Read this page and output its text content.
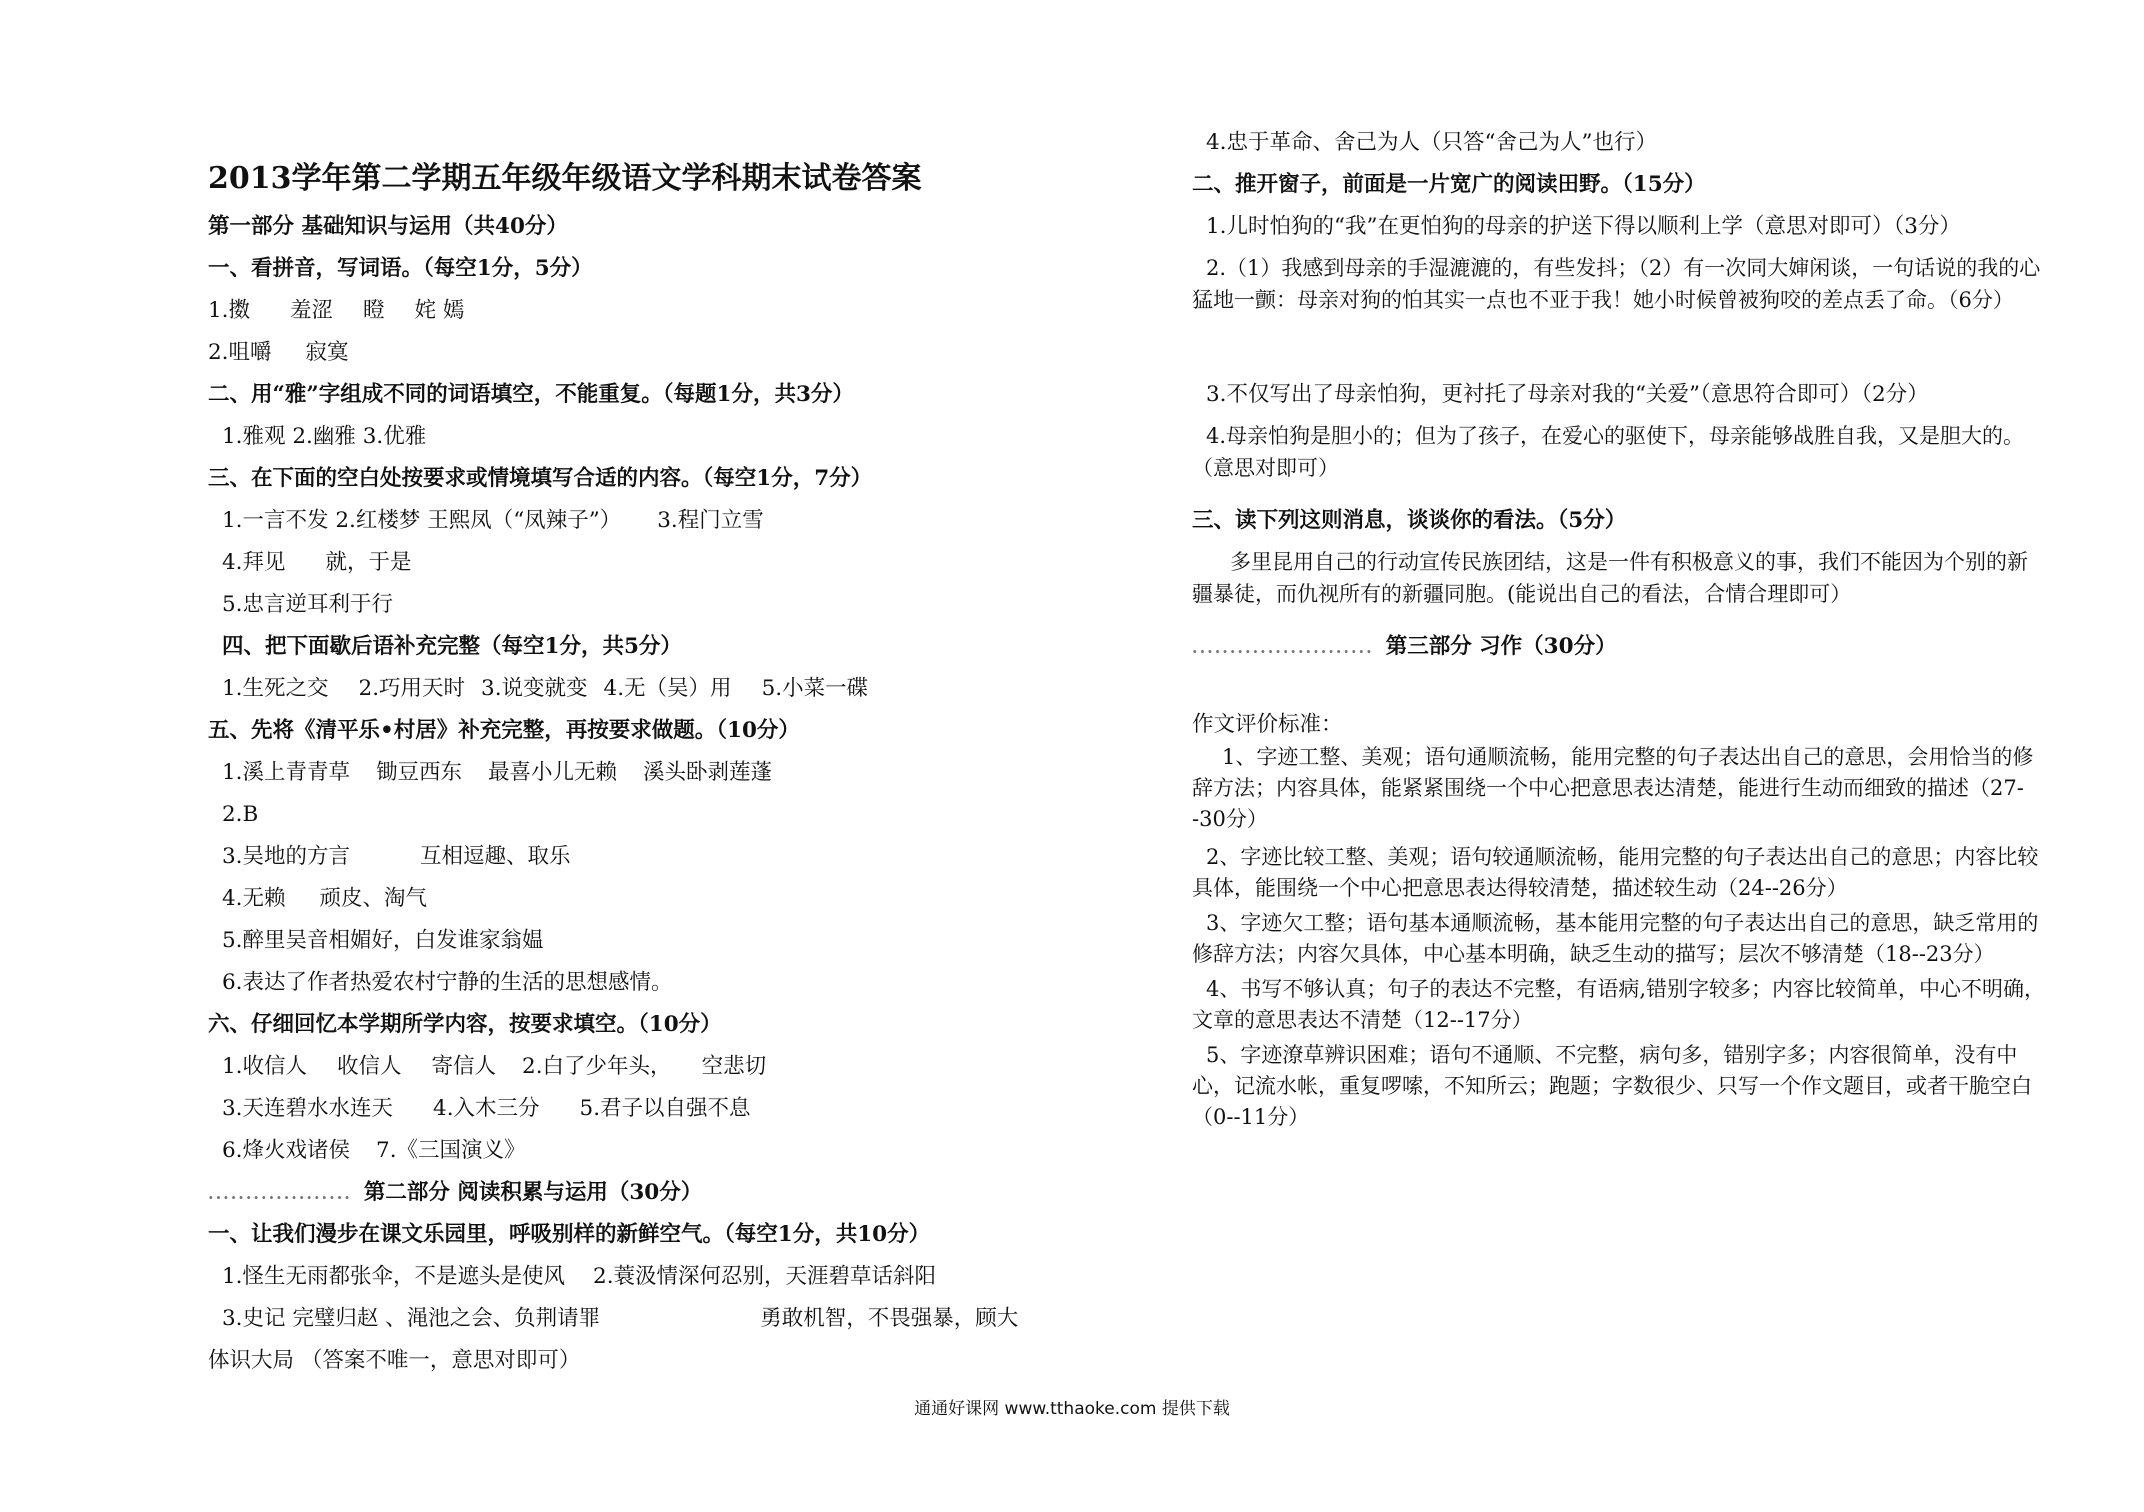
2013学年第二学期五年级年级语文学科期末试卷答案
第一部分 基础知识与运用（共40分）
一、看拼音，写词语。（每空1分，5分）
1.擞 羞涩 瞪 姹 嫣
2.咀嚼 寂寞
二、用“雅”字组成不同的词语填空，不能重复。（每题1分，共3分）
1.雅观 2.幽雅 3.优雅
三、在下面的空白处按要求或情境填写合适的内容。（每空1分，7分）
1.一言不发 2.红楼梦 王熙凤（“凤辣子”） 3.程门立雪
4.拜见 就，于是
5.忠言逆耳利于行
四、把下面歇后语补充完整（每空1分，共5分）
1.生死之交 2.巧用天时 3.说变就变 4.无（吴）用 5.小菜一碟
五、先将《清平乐•村居》补充完整，再按要求做题。（10分）
1.溪上青青草 锄豆西东 最喜小儿无赖 溪头卧剥莲蓬
2.B
3.吴地的方言	互相逗趣、取乐
4.无赖 顽皮、淘气
5.醉里吴音相媚好，白发谁家翁媪
6.表达了作者热爱农村宁静的生活的思想感情。
六、仔细回忆本学期所学内容，按要求填空。（10分）
1.收信人 收信人 寄信人 2.白了少年头， 空悲切
3.天连碧水水连天 4.入木三分 5.君子以自强不息
6.烽火戏诸侯 7.《三国演义》
................... 第二部分 阅读积累与运用（30分）
一、让我们漫步在课文乐园里，呼吸别样的新鲜空气。（每空1分，共10分）
1.怪生无雨都张伞，不是遮头是使风 2.蓑汲情深何忍别，天涯碧草话斜阳
3.史记 完璧归赵 、渑池之会、负荆请罪	勇敢机智，不畏强暴，顾大
体识大局 （答案不唯一，意思对即可）
4.忠于革命、舍己为人（只答“舍己为人”也行）
二、推开窗子，前面是一片宽广的阅读田野。（15分）
1.儿时怕狗的“我”在更怕狗的母亲的护送下得以顺利上学（意思对即可）（3分）
2.（1）我感到母亲的手湿漉漉的，有些发抖；（2）有一次同大婶闲谈，一句话说的我的心猛地一颤：母亲对狗的怕其实一点也不亚于我！她小时候曾被狗咬的差点丢了命。（6分）
3.不仅写出了母亲怕狗，更衬托了母亲对我的“关爱”（意思符合即可）（2分）
4.母亲怕狗是胆小的；但为了孩子，在爱心的驱使下，母亲能够战胜自我，又是胆大的。（意思对即可）
三、读下列这则消息，谈谈你的看法。（5分）
多里昆用自己的行动宣传民族团结，这是一件有积极意义的事，我们不能因为个别的新疆暴徒，而仇视所有的新疆同胞。(能说出自己的看法，合情合理即可）
........................ 第三部分 习作（30分）
作文评价标准：
1、字迹工整、美观；语句通顺流畅，能用完整的句子表达出自己的意思，会用恰当的修辞方法；内容具体，能紧紧围绕一个中心把意思表达清楚，能进行生动而细致的描述（27--30分）
2、字迹比较工整、美观；语句较通顺流畅，能用完整的句子表达出自己的意思；内容比较具体，能围绕一个中心把意思表达得较清楚，描述较生动（24--26分）
3、字迹欠工整；语句基本通顺流畅，基本能用完整的句子表达出自己的意思，缺乏常用的修辞方法；内容欠具体，中心基本明确，缺乏生动的描写；层次不够清楚（18--23分）
4、书写不够认真；句子的表达不完整，有语病,错别字较多；内容比较简单，中心不明确，文章的意思表达不清楚（12--17分）
5、字迹潦草辨识困难；语句不通顺、不完整，病句多，错别字多；内容很简单，没有中心，记流水帐，重复啰嗦，不知所云；跑题；字数很少、只写一个作文题目，或者干脆空白（0--11分）
通通好课网 www.tthaoke.com 提供下载
